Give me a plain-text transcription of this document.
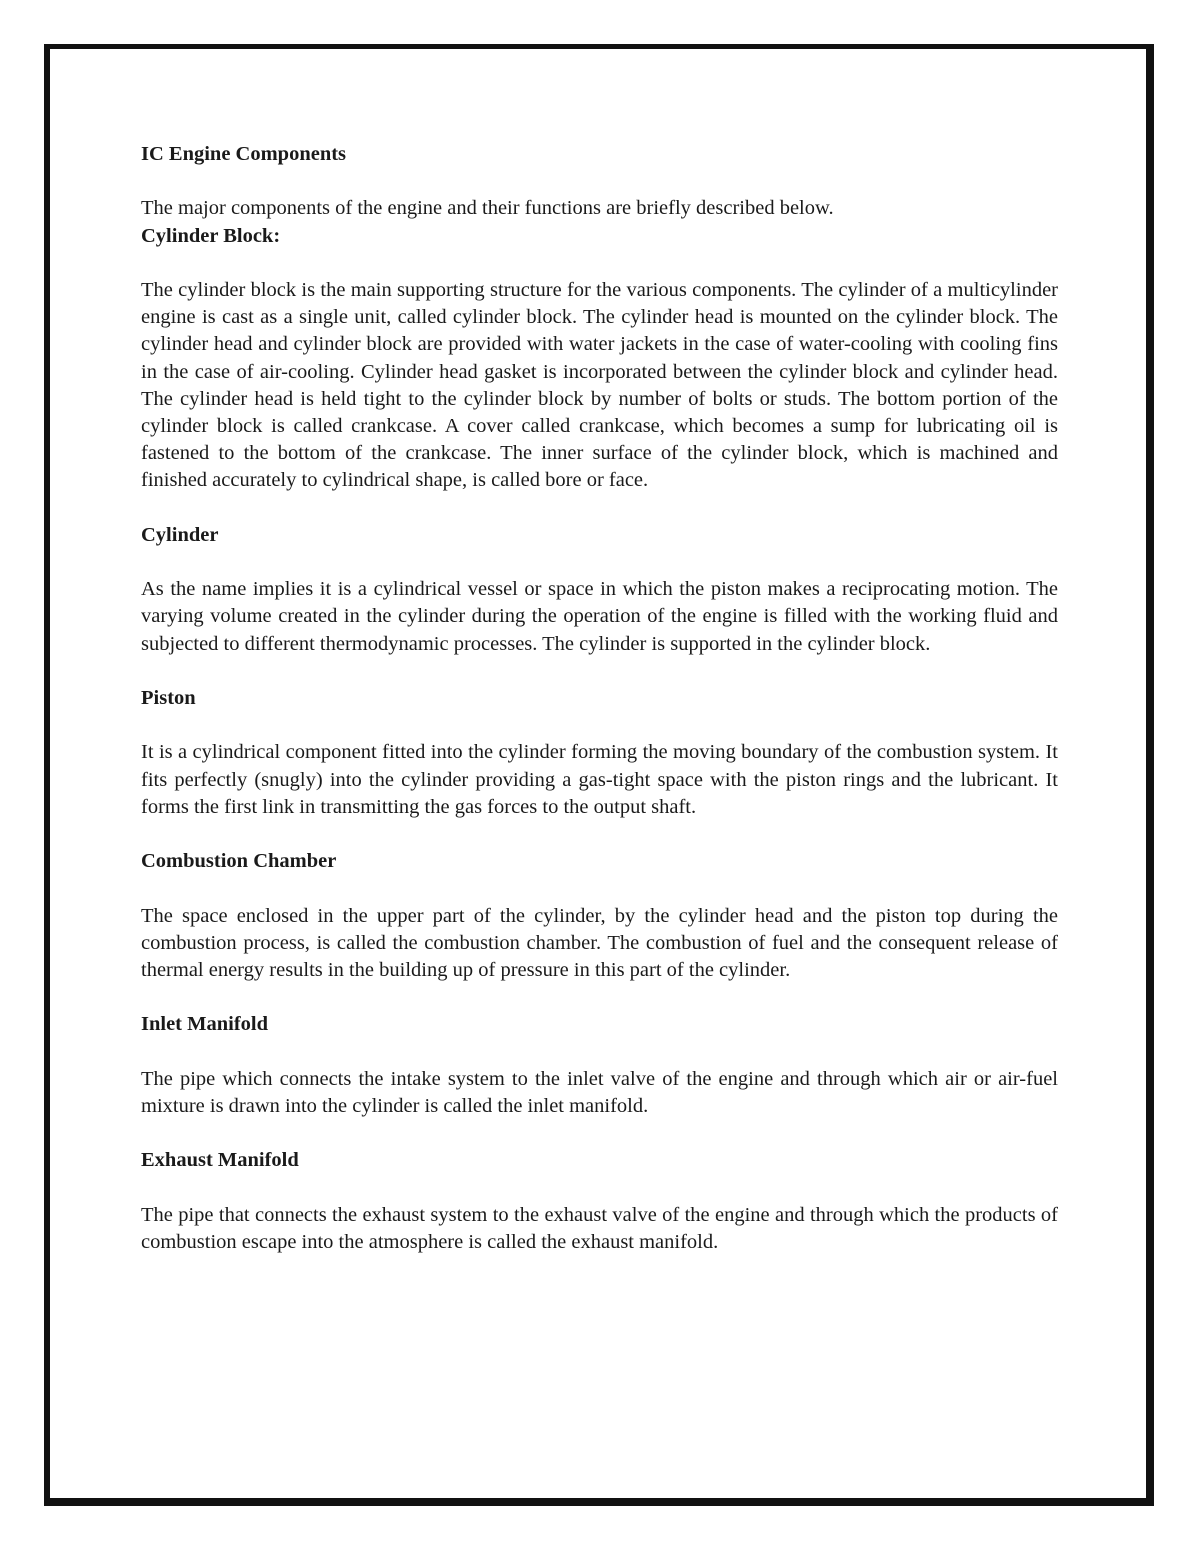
IC Engine Components

The major components of the engine and their functions are briefly described below.

Cylinder Block:

The cylinder block is the main supporting structure for the various components. The cylinder of a multicylinder engine is cast as a single unit, called cylinder block. The cylinder head is mounted on the cylinder block. The cylinder head and cylinder block are provided with water jackets in the case of water-cooling with cooling fins in the case of air-cooling. Cylinder head gasket is incorporated between the cylinder block and cylinder head. The cylinder head is held tight to the cylinder block by number of bolts or studs. The bottom portion of the cylinder block is called crankcase. A cover called crankcase, which becomes a sump for lubricating oil is fastened to the bottom of the crankcase. The inner surface of the cylinder block, which is machined and finished accurately to cylindrical shape, is called bore or face.

Cylinder

As the name implies it is a cylindrical vessel or space in which the piston makes a reciprocating motion. The varying volume created in the cylinder during the operation of the engine is filled with the working fluid and subjected to different thermodynamic processes. The cylinder is supported in the cylinder block.

Piston

It is a cylindrical component fitted into the cylinder forming the moving boundary of the combustion system. It fits perfectly (snugly) into the cylinder providing a gas-tight space with the piston rings and the lubricant. It forms the first link in transmitting the gas forces to the output shaft.

Combustion Chamber

The space enclosed in the upper part of the cylinder, by the cylinder head and the piston top during the combustion process, is called the combustion chamber. The combustion of fuel and the consequent release of thermal energy results in the building up of pressure in this part of the cylinder.

Inlet Manifold

The pipe which connects the intake system to the inlet valve of the engine and through which air or air-fuel mixture is drawn into the cylinder is called the inlet manifold.

Exhaust Manifold

The pipe that connects the exhaust system to the exhaust valve of the engine and through which the products of combustion escape into the atmosphere is called the exhaust manifold.
